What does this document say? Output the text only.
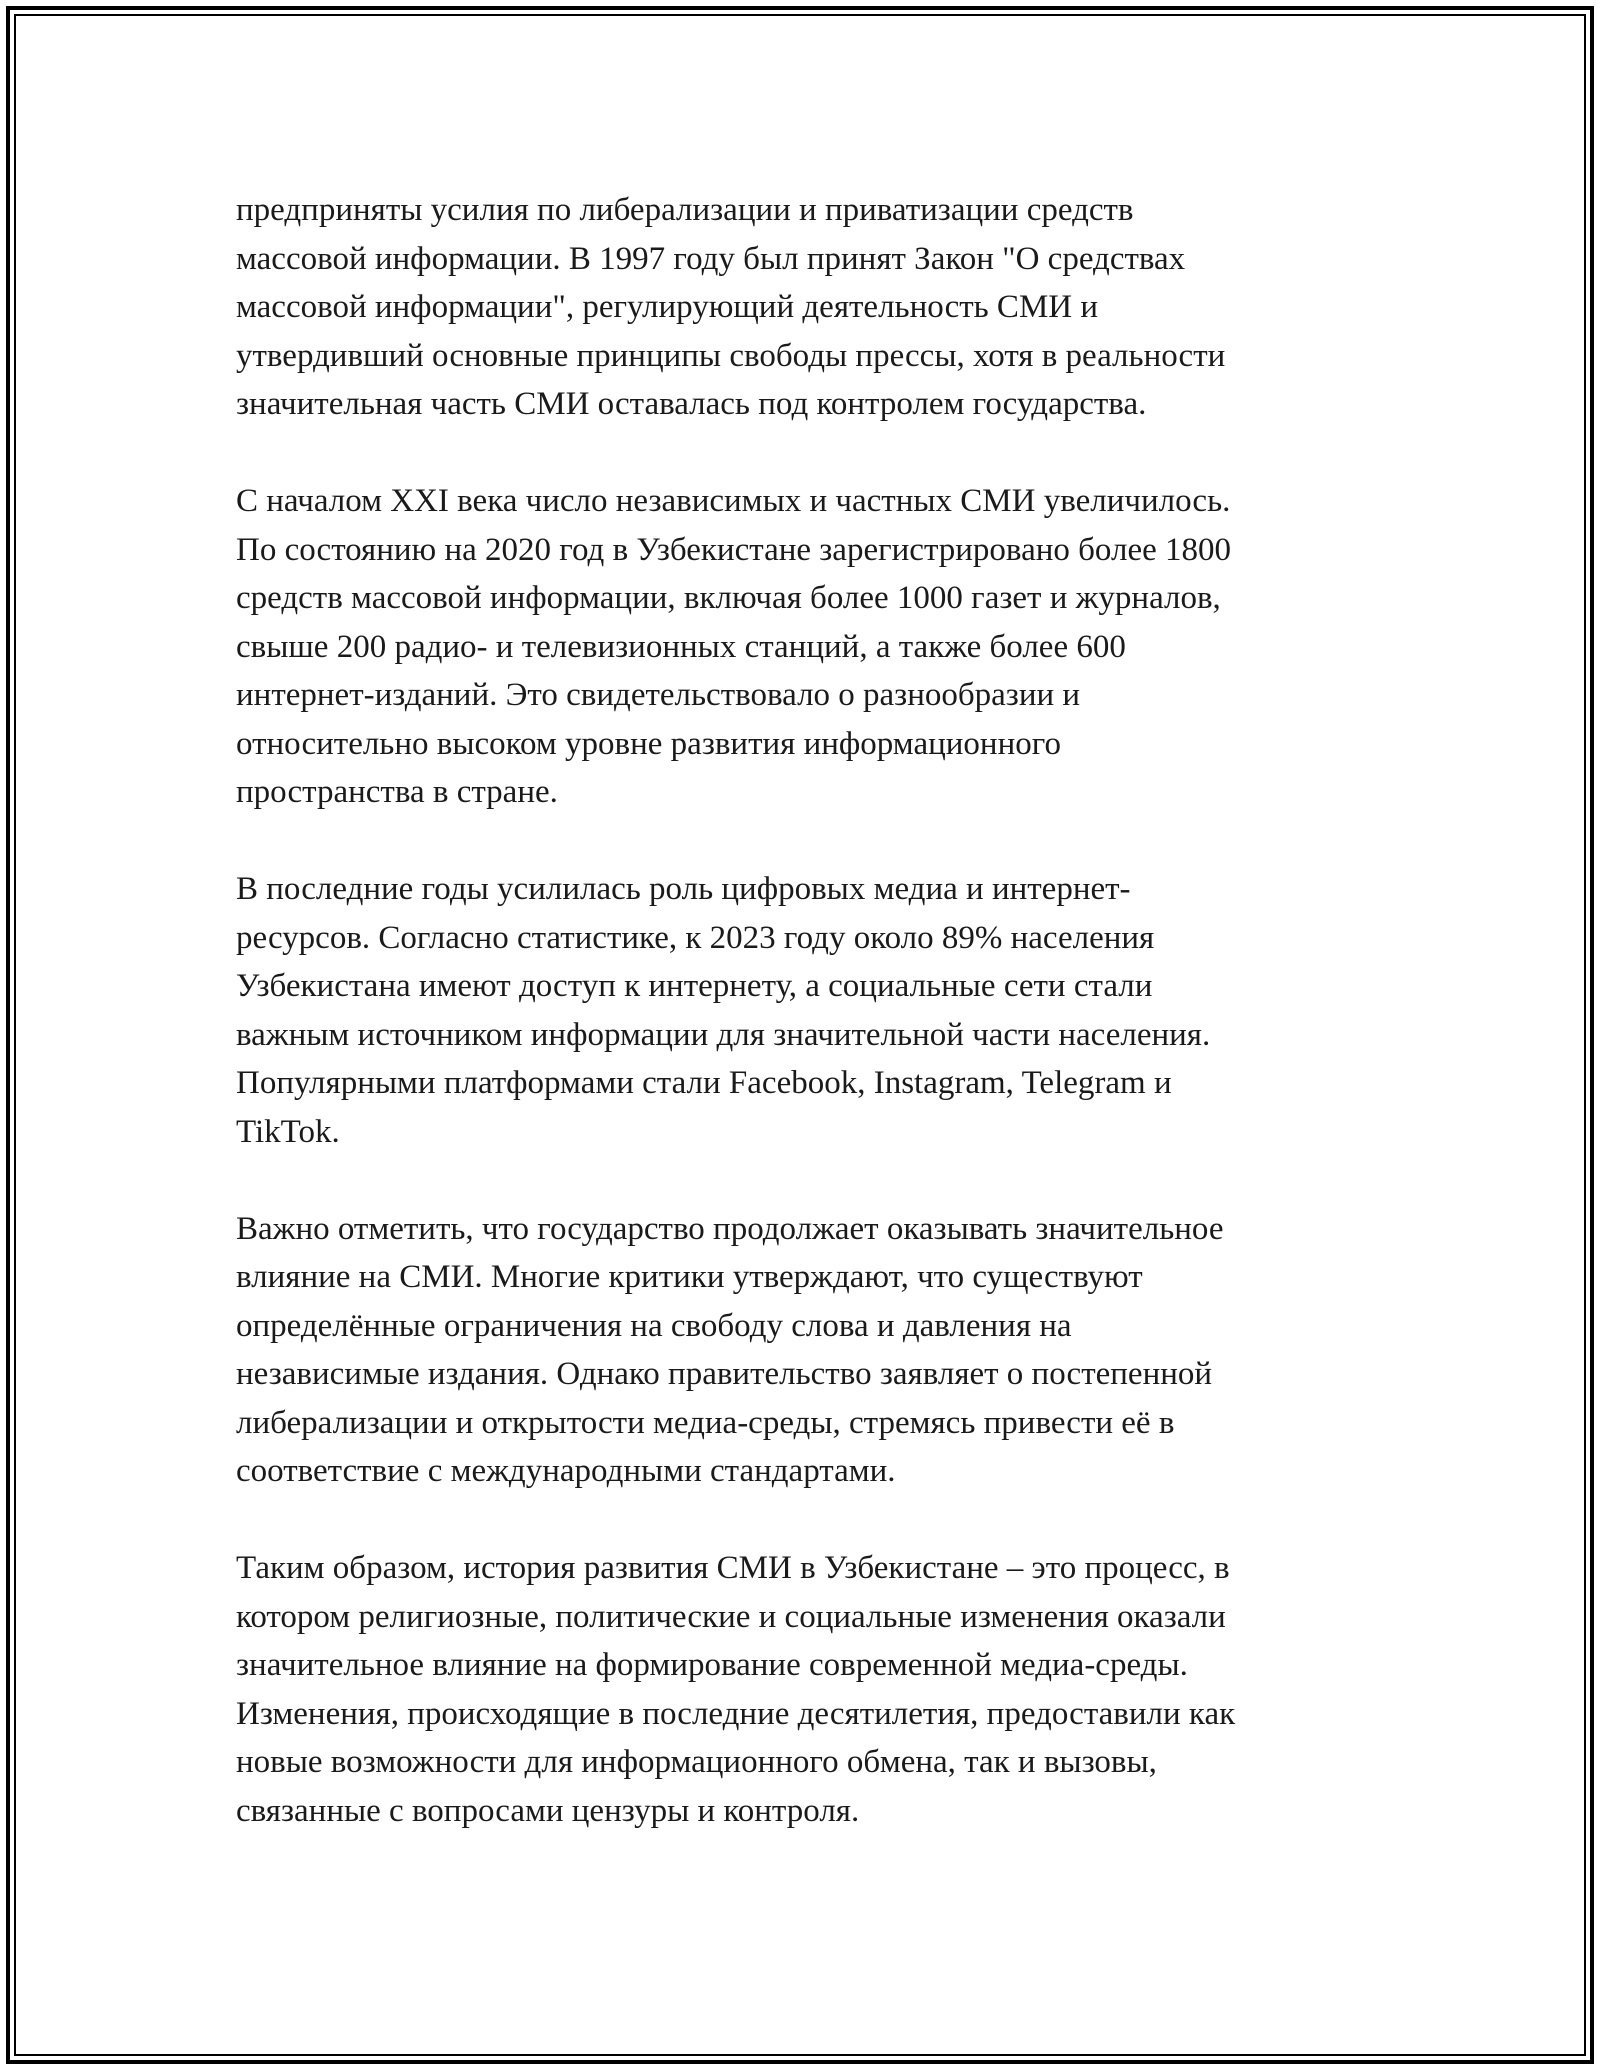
предприняты усилия по либерализации и приватизации средств
массовой информации. В 1997 году был принят Закон "О средствах
массовой информации", регулирующий деятельность СМИ и
утвердивший основные принципы свободы прессы, хотя в реальности
значительная часть СМИ оставалась под контролем государства.

С началом XXI века число независимых и частных СМИ увеличилось.
По состоянию на 2020 год в Узбекистане зарегистрировано более 1800
средств массовой информации, включая более 1000 газет и журналов,
свыше 200 радио- и телевизионных станций, а также более 600
интернет-изданий. Это свидетельствовало о разнообразии и
относительно высоком уровне развития информационного
пространства в стране.

В последние годы усилилась роль цифровых медиа и интернет-
ресурсов. Согласно статистике, к 2023 году около 89% населения
Узбекистана имеют доступ к интернету, а социальные сети стали
важным источником информации для значительной части населения.
Популярными платформами стали Facebook, Instagram, Telegram и
TikTok.

Важно отметить, что государство продолжает оказывать значительное
влияние на СМИ. Многие критики утверждают, что существуют
определённые ограничения на свободу слова и давления на
независимые издания. Однако правительство заявляет о постепенной
либерализации и открытости медиа-среды, стремясь привести её в
соответствие с международными стандартами.

Таким образом, история развития СМИ в Узбекистане – это процесс, в
котором религиозные, политические и социальные изменения оказали
значительное влияние на формирование современной медиа-среды.
Изменения, происходящие в последние десятилетия, предоставили как
новые возможности для информационного обмена, так и вызовы,
связанные с вопросами цензуры и контроля.
